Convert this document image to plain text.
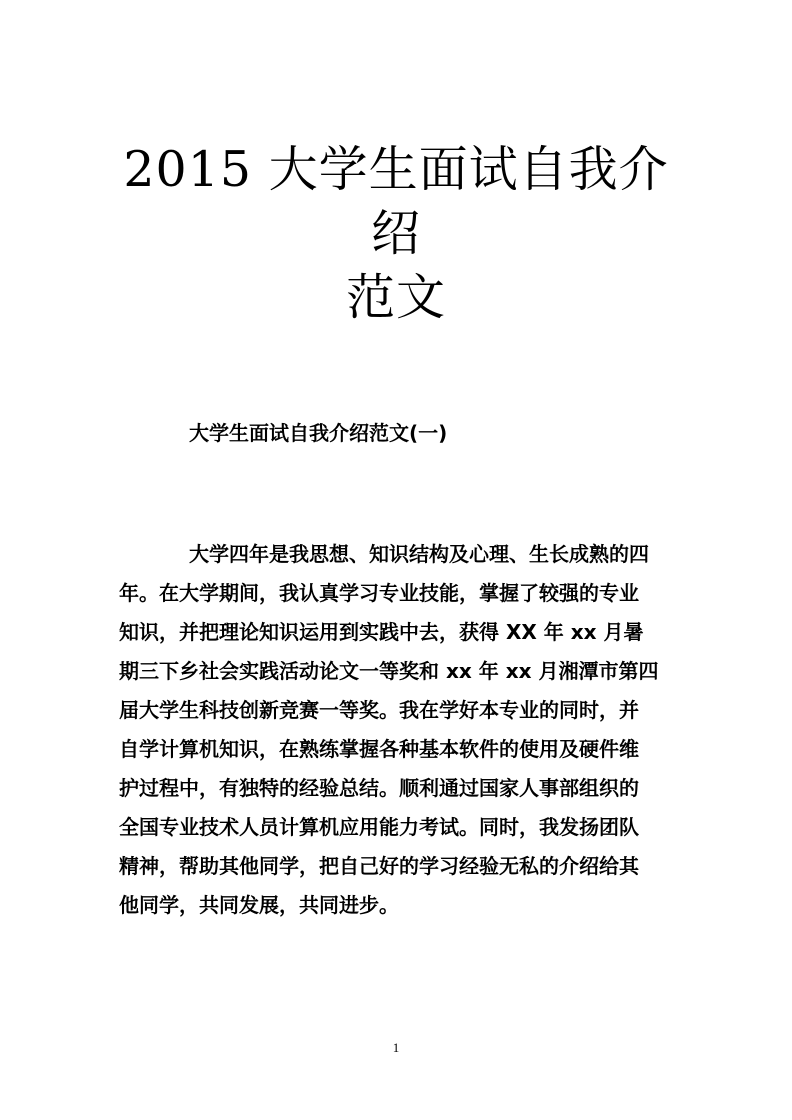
2015 大学生面试自我介绍
范文
大学生面试自我介绍范文(一)

大学四年是我思想、知识结构及心理、生长成熟的四
年。在大学期间，我认真学习专业技能，掌握了较强的专业
知识，并把理论知识运用到实践中去，获得 XX 年 xx 月暑
期三下乡社会实践活动论文一等奖和 xx 年 xx 月湘潭市第四
届大学生科技创新竞赛一等奖。我在学好本专业的同时，并
自学计算机知识，在熟练掌握各种基本软件的使用及硬件维
护过程中，有独特的经验总结。顺利通过国家人事部组织的
全国专业技术人员计算机应用能力考试。同时，我发扬团队
精神，帮助其他同学，把自己好的学习经验无私的介绍给其
他同学，共同发展，共同进步。

1
